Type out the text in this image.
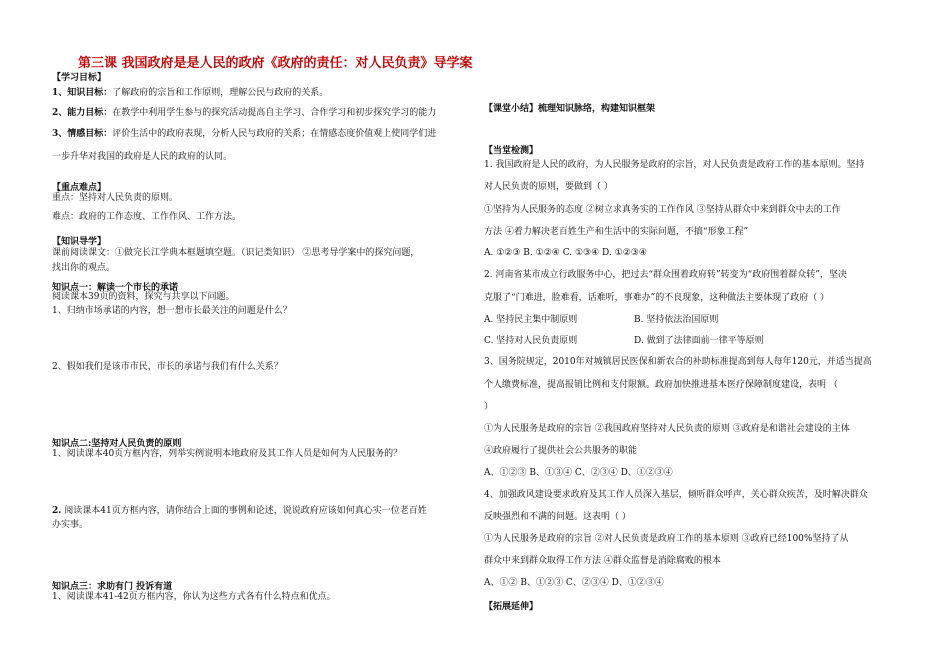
第三课 我国政府是是人民的政府《政府的责任：对人民负责》导学案
【学习目标】
1、知识目标：了解政府的宗旨和工作原则，理解公民与政府的关系。
2、能力目标：在教学中利用学生参与的探究活动提高自主学习、合作学习和初步探究学习的能力
3、情感目标：评价生活中的政府表现，分析人民与政府的关系；在情感态度价值观上使同学们进
一步升华对我国的政府是人民的政府的认同。
【重点难点】
重点：坚持对人民负责的原则。
难点：政府的工作态度、工作作风、工作方法。
【知识导学】
课前阅读课文：①做完长江学典本框题填空题。（识记类知识） ②思考导学案中的探究问题，
找出你的观点。
知识点一：解读一个市长的承诺
阅读课本39页的资料，探究与共享以下问题。
1、归纳市场承诺的内容，想一想市长最关注的问题是什么？
2、假如我们是该市市民，市长的承诺与我们有什么关系？
知识点二:坚持对人民负责的原则
1、阅读课本40页方框内容，列举实例说明本地政府及其工作人员是如何为人民服务的？
2. 阅读课本41页方框内容，请你结合上面的事例和论述，说说政府应该如何真心实一位老百姓
办实事。
知识点三：求助有门 投诉有道
1、阅读课本41-42页方框内容，你认为这些方式各有什么特点和优点。
【课堂小结】梳理知识脉络，构建知识框架
【当堂检测】
1. 我国政府是人民的政府，为人民服务是政府的宗旨，对人民负责是政府工作的基本原则。坚持
对人民负责的原则，要做到（ ）
①坚持为人民服务的态度 ②树立求真务实的工作作风 ③坚持从群众中来到群众中去的工作
方法 ④着力解决老百姓生产和生活中的实际问题，不搞“形象工程”
A. ①②③ B. ①②④ C. ①③④ D. ①②③④
2. 河南省某市成立行政服务中心，把过去“群众围着政府转”转变为“政府围着群众转”，坚决
克服了“门难进，脸难看，话难听，事难办”的不良现象，这种做法主要体现了政府（ ）
A. 坚持民主集中制原则	B. 坚持依法治国原则
C. 坚持对人民负责原则	D. 做到了法律面前一律平等原则
3、国务院规定，2010年对城镇居民医保和新农合的补助标准提高到每人每年120元，并适当提高
个人缴费标准，提高报销比例和支付限额。政府加快推进基本医疗保障制度建设，表明 （
）
①为人民服务是政府的宗旨 ②我国政府坚持对人民负责的原则 ③政府是和谐社会建设的主体
④政府履行了提供社会公共服务的职能
A、①②③ B、①③④ C、②③④ D、①②③④
4、加强政风建设要求政府及其工作人员深入基层，倾听群众呼声，关心群众疾苦，及时解决群众
反映强烈和不满的问题。这表明（ ）
①为人民服务是政府的宗旨 ②对人民负责是政府工作的基本原则 ③政府已经100%坚持了从
群众中来到群众取得工作方法 ④群众监督是消除腐败的根本
A、①② B、①②③ C、②③④ D、①②③④
【拓展延伸】
